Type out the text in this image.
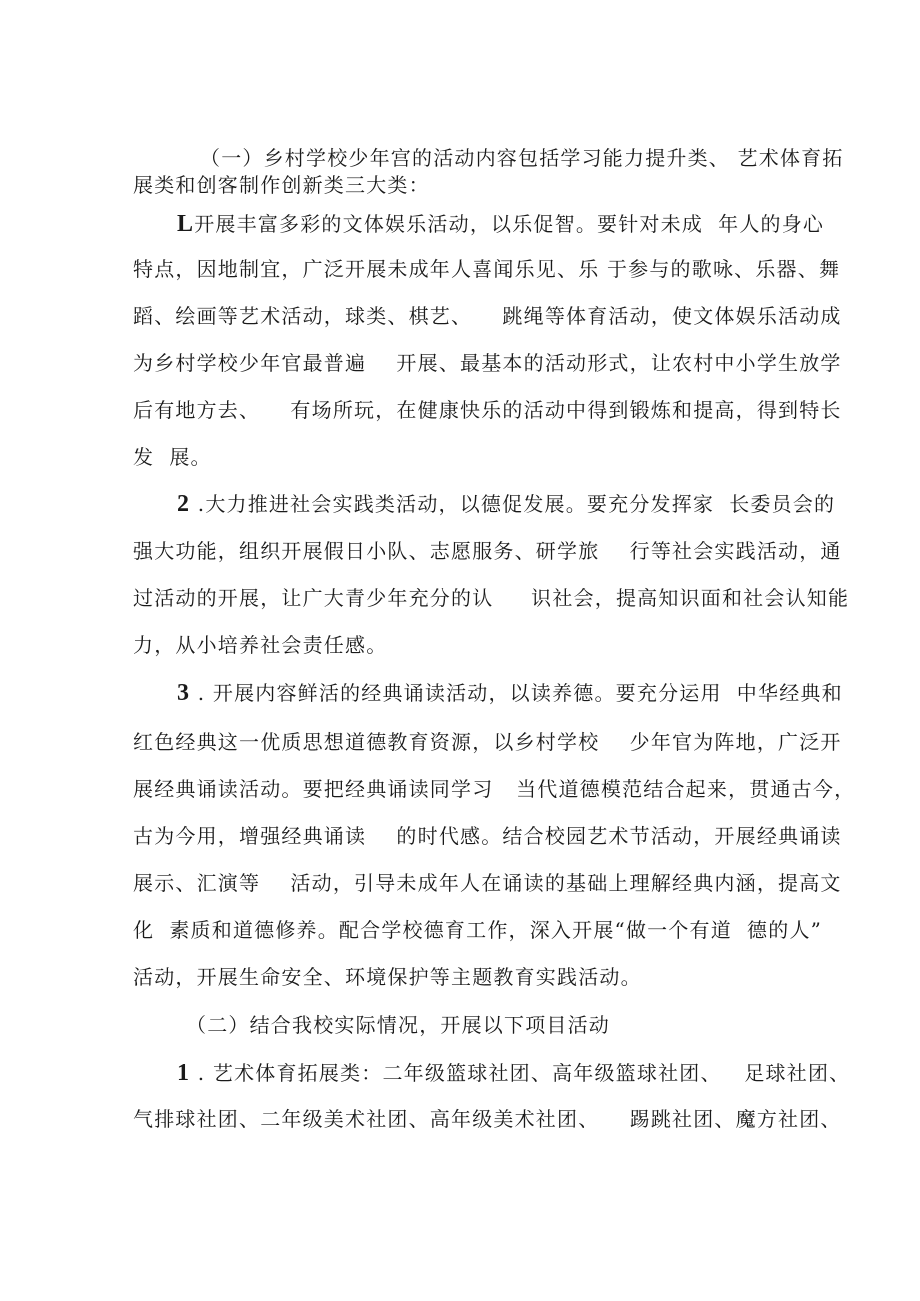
（一）乡村学校少年宫的活动内容包括学习能力提升类、 艺术体育拓
展类和创客制作创新类三大类：
L开展丰富多彩的文体娱乐活动，以乐促智。要针对未成  年人的身心
特点，因地制宜，广泛开展未成年人喜闻乐见、乐 于参与的歌咏、乐器、舞
蹈、绘画等艺术活动，球类、棋艺、    跳绳等体育活动，使文体娱乐活动成
为乡村学校少年官最普遍    开展、最基本的活动形式，让农村中小学生放学
后有地方去、    有场所玩，在健康快乐的活动中得到锻炼和提高，得到特长
发  展。
2 .大力推进社会实践类活动，以德促发展。要充分发挥家  长委员会的
强大功能，组织开展假日小队、志愿服务、研学旅    行等社会实践活动，通
过活动的开展，让广大青少年充分的认     识社会，提高知识面和社会认知能
力，从小培养社会责任感。
3 . 开展内容鲜活的经典诵读活动，以读养德。要充分运用  中华经典和
红色经典这一优质思想道德教育资源，以乡村学校    少年官为阵地，广泛开
展经典诵读活动。要把经典诵读同学习   当代道德模范结合起来，贯通古今，
古为今用，增强经典诵读    的时代感。结合校园艺术节活动，开展经典诵读
展示、汇演等    活动，引导未成年人在诵读的基础上理解经典内涵，提高文
化  素质和道德修养。配合学校德育工作，深入开展“做一个有道  德的人”
活动，开展生命安全、环境保护等主题教育实践活动。
（二）结合我校实际情况，开展以下项目活动
1 . 艺术体育拓展类：二年级篮球社团、高年级篮球社团、   足球社团、
气排球社团、二年级美术社团、高年级美术社团、    踢跳社团、魔方社团、
